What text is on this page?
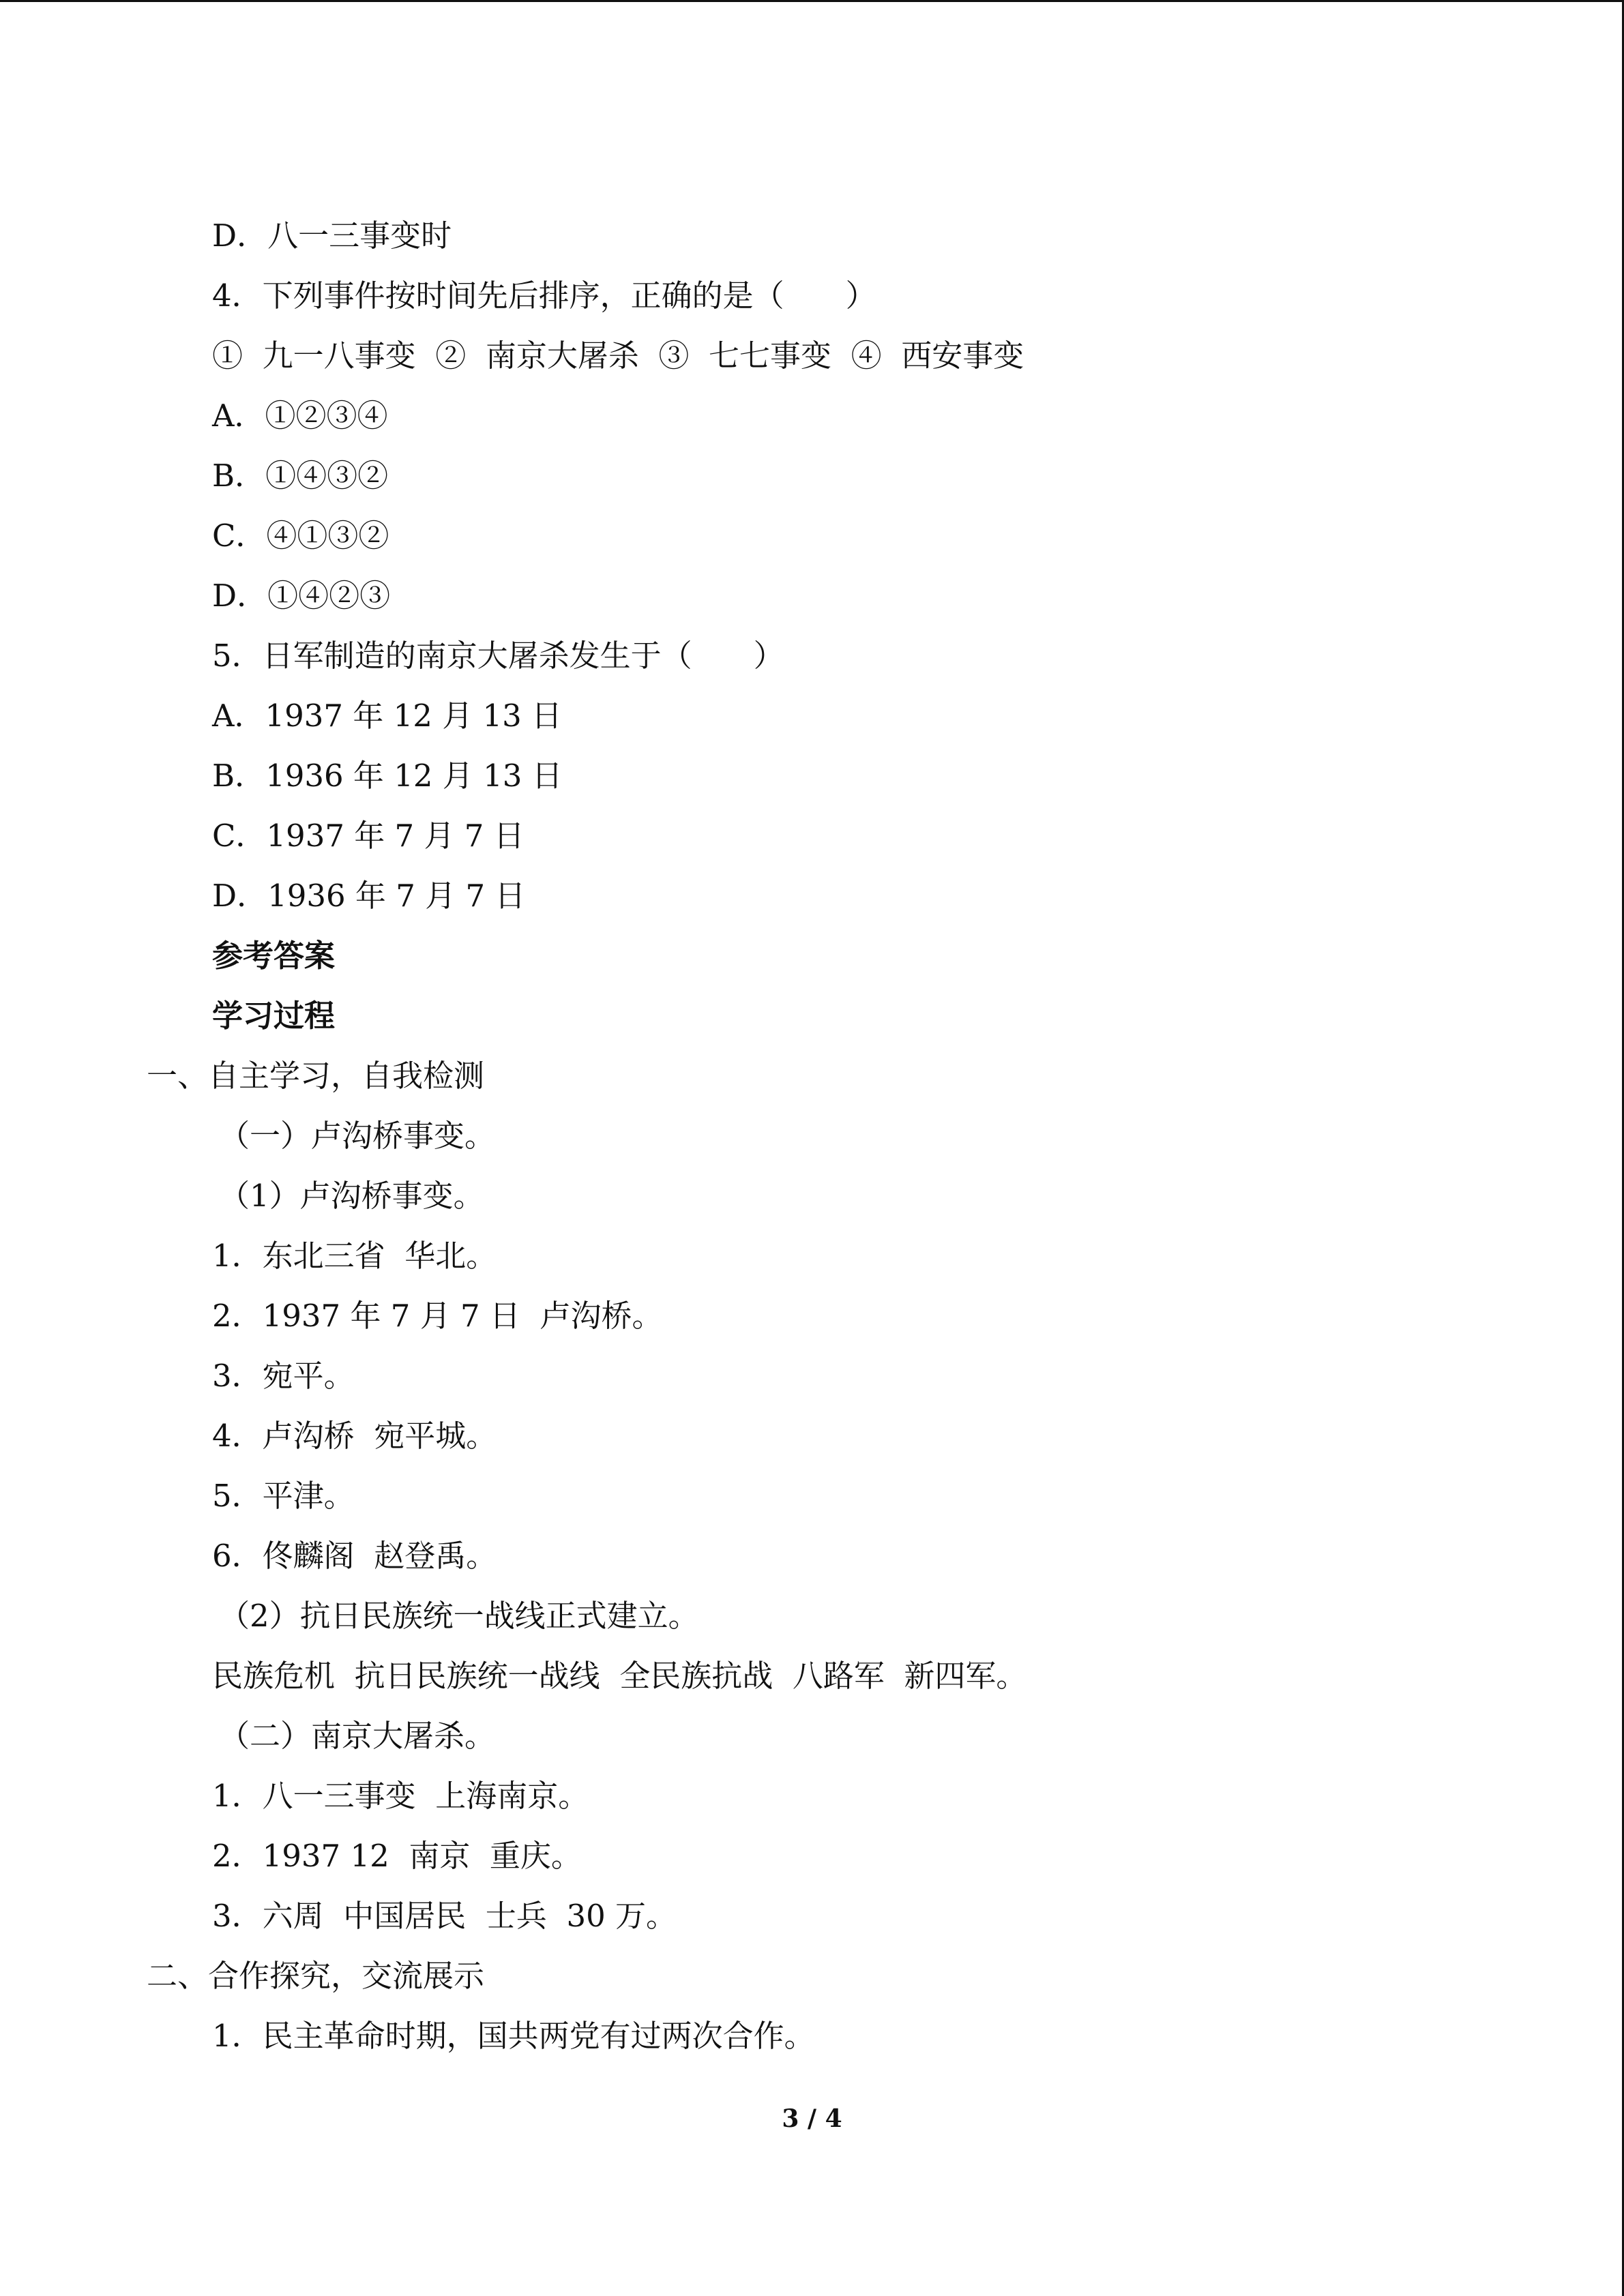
D．八一三事变时
4．下列事件按时间先后排序，正确的是（　　）
①  九一八事变  ②  南京大屠杀  ③  七七事变  ④  西安事变
A．①②③④
B．①④③②
C．④①③②
D．①④②③
5．日军制造的南京大屠杀发生于（　　）
A．1937 年 12 月 13 日
B．1936 年 12 月 13 日
C．1937 年 7 月 7 日
D．1936 年 7 月 7 日
参考答案
学习过程
一、自主学习，自我检测
（一）卢沟桥事变。
（1）卢沟桥事变。
1．东北三省  华北。
2．1937 年 7 月 7 日  卢沟桥。
3．宛平。
4．卢沟桥  宛平城。
5．平津。
6．佟麟阁  赵登禹。
（2）抗日民族统一战线正式建立。
民族危机  抗日民族统一战线  全民族抗战  八路军  新四军。
（二）南京大屠杀。
1．八一三事变  上海南京。
2．1937 12  南京  重庆。
3．六周  中国居民  士兵  30 万。
二、合作探究，交流展示
1．民主革命时期，国共两党有过两次合作。
3 / 4
